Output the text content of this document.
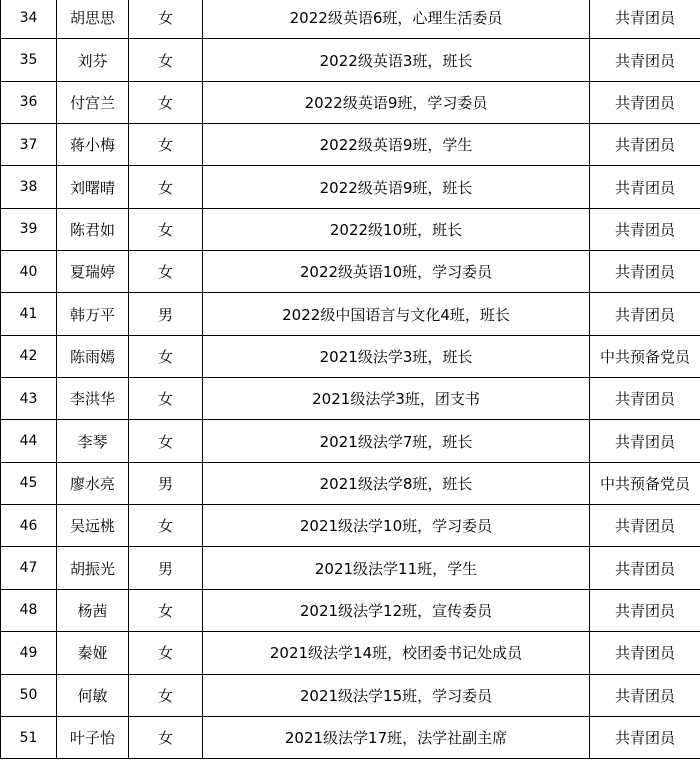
34	胡思思	女	2022级英语6班，心理生活委员	共青团员
35	刘芬	女	2022级英语3班，班长	共青团员
36	付宫兰	女	2022级英语9班，学习委员	共青团员
37	蒋小梅	女	2022级英语9班，学生	共青团员
38	刘曙晴	女	2022级英语9班，班长	共青团员
39	陈君如	女	2022级10班，班长	共青团员
40	夏瑞婷	女	2022级英语10班，学习委员	共青团员
41	韩万平	男	2022级中国语言与文化4班，班长	共青团员
42	陈雨嫣	女	2021级法学3班，班长	中共预备党员
43	李洪华	女	2021级法学3班，团支书	共青团员
44	李琴	女	2021级法学7班，班长	共青团员
45	廖水亮	男	2021级法学8班，班长	中共预备党员
46	吴远桃	女	2021级法学10班，学习委员	共青团员
47	胡振光	男	2021级法学11班，学生	共青团员
48	杨茜	女	2021级法学12班，宣传委员	共青团员
49	秦娅	女	2021级法学14班，校团委书记处成员	共青团员
50	何敏	女	2021级法学15班，学习委员	共青团员
51	叶子怡	女	2021级法学17班，法学社副主席	共青团员
